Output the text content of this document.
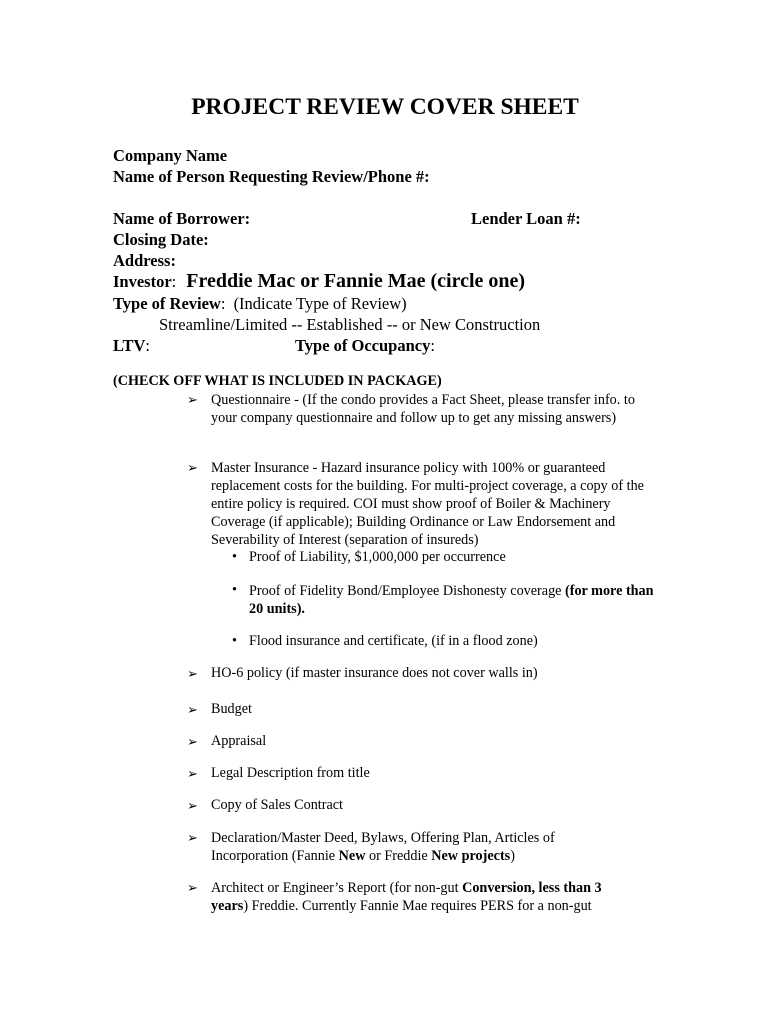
PROJECT REVIEW COVER SHEET
Company Name
Name of Person Requesting Review/Phone #:
Name of Borrower:	Lender Loan #:
Closing Date:
Address:
Investor: Freddie Mac or Fannie Mae (circle one)
Type of Review: (Indicate Type of Review)
Streamline/Limited -- Established -- or New Construction
LTV:	Type of Occupancy:
(CHECK OFF WHAT IS INCLUDED IN PACKAGE)
➢ Questionnaire - (If the condo provides a Fact Sheet, please transfer info. to your company questionnaire and follow up to get any missing answers)
➢ Master Insurance - Hazard insurance policy with 100% or guaranteed replacement costs for the building. For multi-project coverage, a copy of the entire policy is required. COI must show proof of Boiler & Machinery Coverage (if applicable); Building Ordinance or Law Endorsement and Severability of Interest (separation of insureds)
• Proof of Liability, $1,000,000 per occurrence
• Proof of Fidelity Bond/Employee Dishonesty coverage (for more than 20 units).
• Flood insurance and certificate, (if in a flood zone)
➢ HO-6 policy (if master insurance does not cover walls in)
➢ Budget
➢ Appraisal
➢ Legal Description from title
➢ Copy of Sales Contract
➢ Declaration/Master Deed, Bylaws, Offering Plan, Articles of Incorporation (Fannie New or Freddie New projects)
➢ Architect or Engineer’s Report (for non-gut Conversion, less than 3 years) Freddie. Currently Fannie Mae requires PERS for a non-gut
